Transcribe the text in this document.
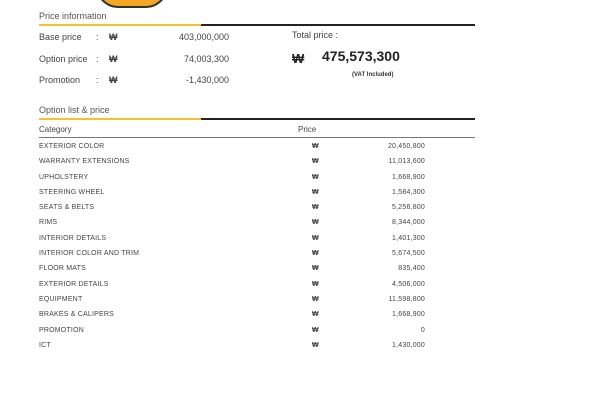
Price information
Base price : ₩	403,000,000
Option price : ₩	74,003,300
Promotion : ₩	-1,430,000
Total price :
₩ 475,573,300
(VAT Included)
Option list & price
Category	Price
EXTERIOR COLOR	₩	20,450,800
WARRANTY EXTENSIONS	₩	11,013,600
UPHOLSTERY	₩	1,668,900
STEERING WHEEL	₩	1,584,300
SEATS & BELTS	₩	5,256,800
RIMS	₩	8,344,000
INTERIOR DETAILS	₩	1,401,300
INTERIOR COLOR AND TRIM	₩	5,674,500
FLOOR MATS	₩	835,400
EXTERIOR DETAILS	₩	4,506,000
EQUIPMENT	₩	11,598,800
BRAKES & CALIPERS	₩	1,668,900
PROMOTION	₩	0
ICT	₩	1,430,000
